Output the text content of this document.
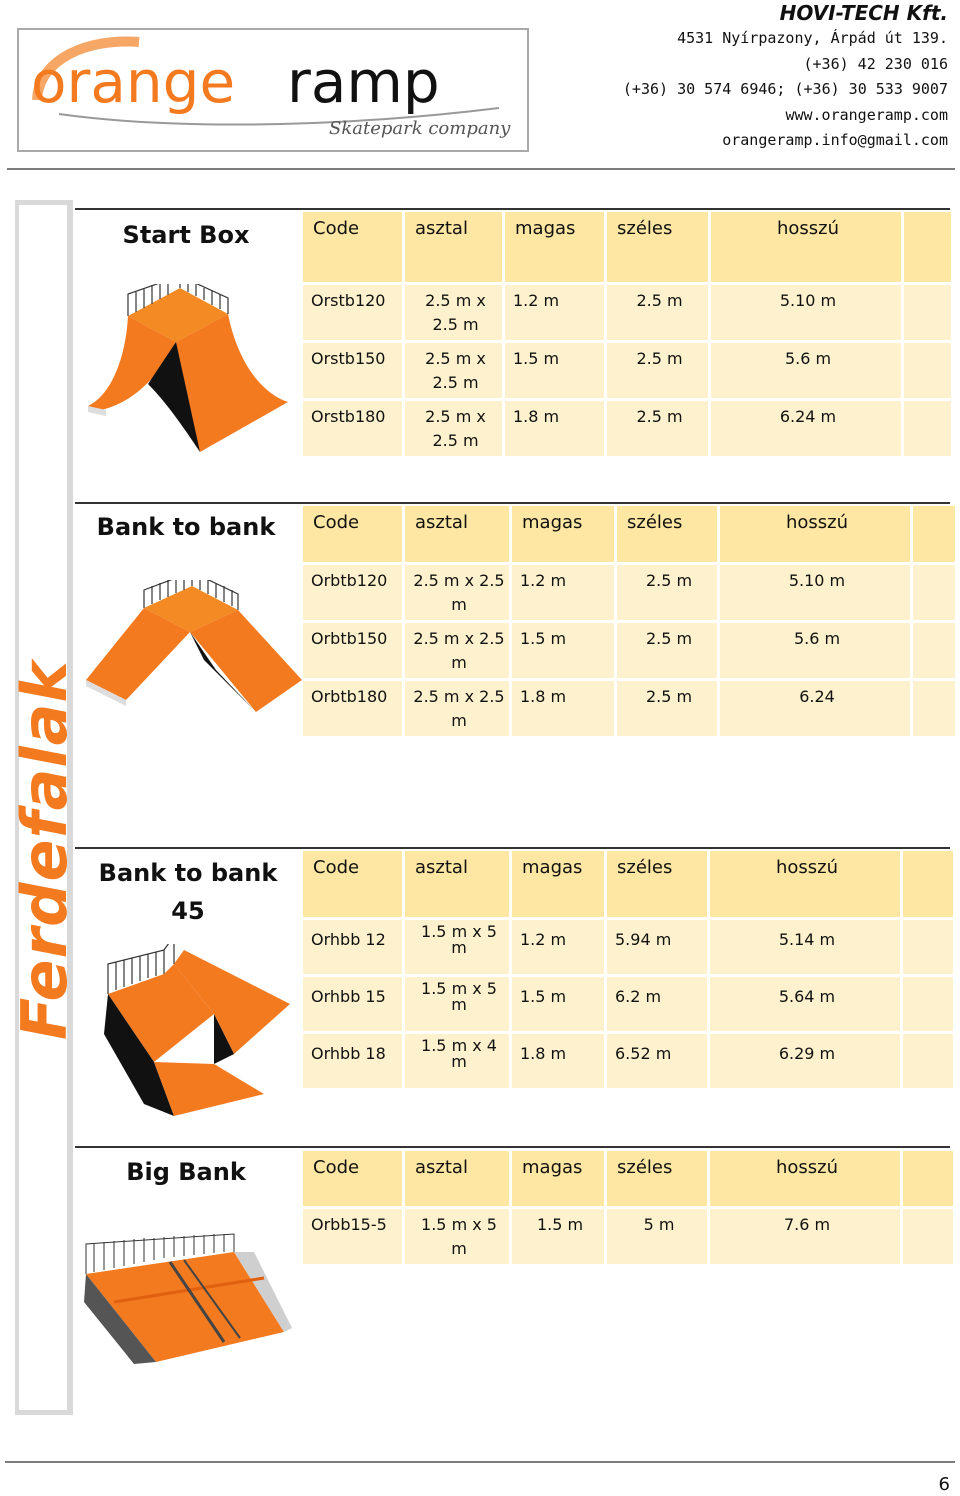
orange ramp
Skatepark company
HOVI-TECH Kft.
4531 Nyírpazony, Árpád út 139.
(+36) 42 230 016
(+36) 30 574 6946; (+36) 30 533 9007
www.orangeramp.com
orangeramp.info@gmail.com
Ferdefalak
Start Box
Bank to bank
Bank to bank 45
Big Bank
Code	asztal	magas	széles	hosszú	
Orstb120	2.5 m x 2.5 m	1.2 m	2.5 m	5.10 m	
Orstb150	2.5 m x 2.5 m	1.5 m	2.5 m	5.6 m	
Orstb180	2.5 m x 2.5 m	1.8 m	2.5 m	6.24 m	
Code	asztal	magas	széles	hosszú	
Orbtb120	2.5 m x 2.5 m	1.2 m	2.5 m	5.10 m	
Orbtb150	2.5 m x 2.5 m	1.5 m	2.5 m	5.6 m	
Orbtb180	2.5 m x 2.5 m	1.8 m	2.5 m	6.24	
Code	asztal	magas	széles	hosszú	
Orhbb 12	1.5 m x 5 m	1.2 m	5.94 m	5.14 m	
Orhbb 15	1.5 m x 5 m	1.5 m	6.2 m	5.64 m	
Orhbb 18	1.5 m x 4 m	1.8 m	6.52 m	6.29 m	
Code	asztal	magas	széles	hosszú	
Orbb15-5	1.5 m x 5 m	1.5 m	5 m	7.6 m	
6
